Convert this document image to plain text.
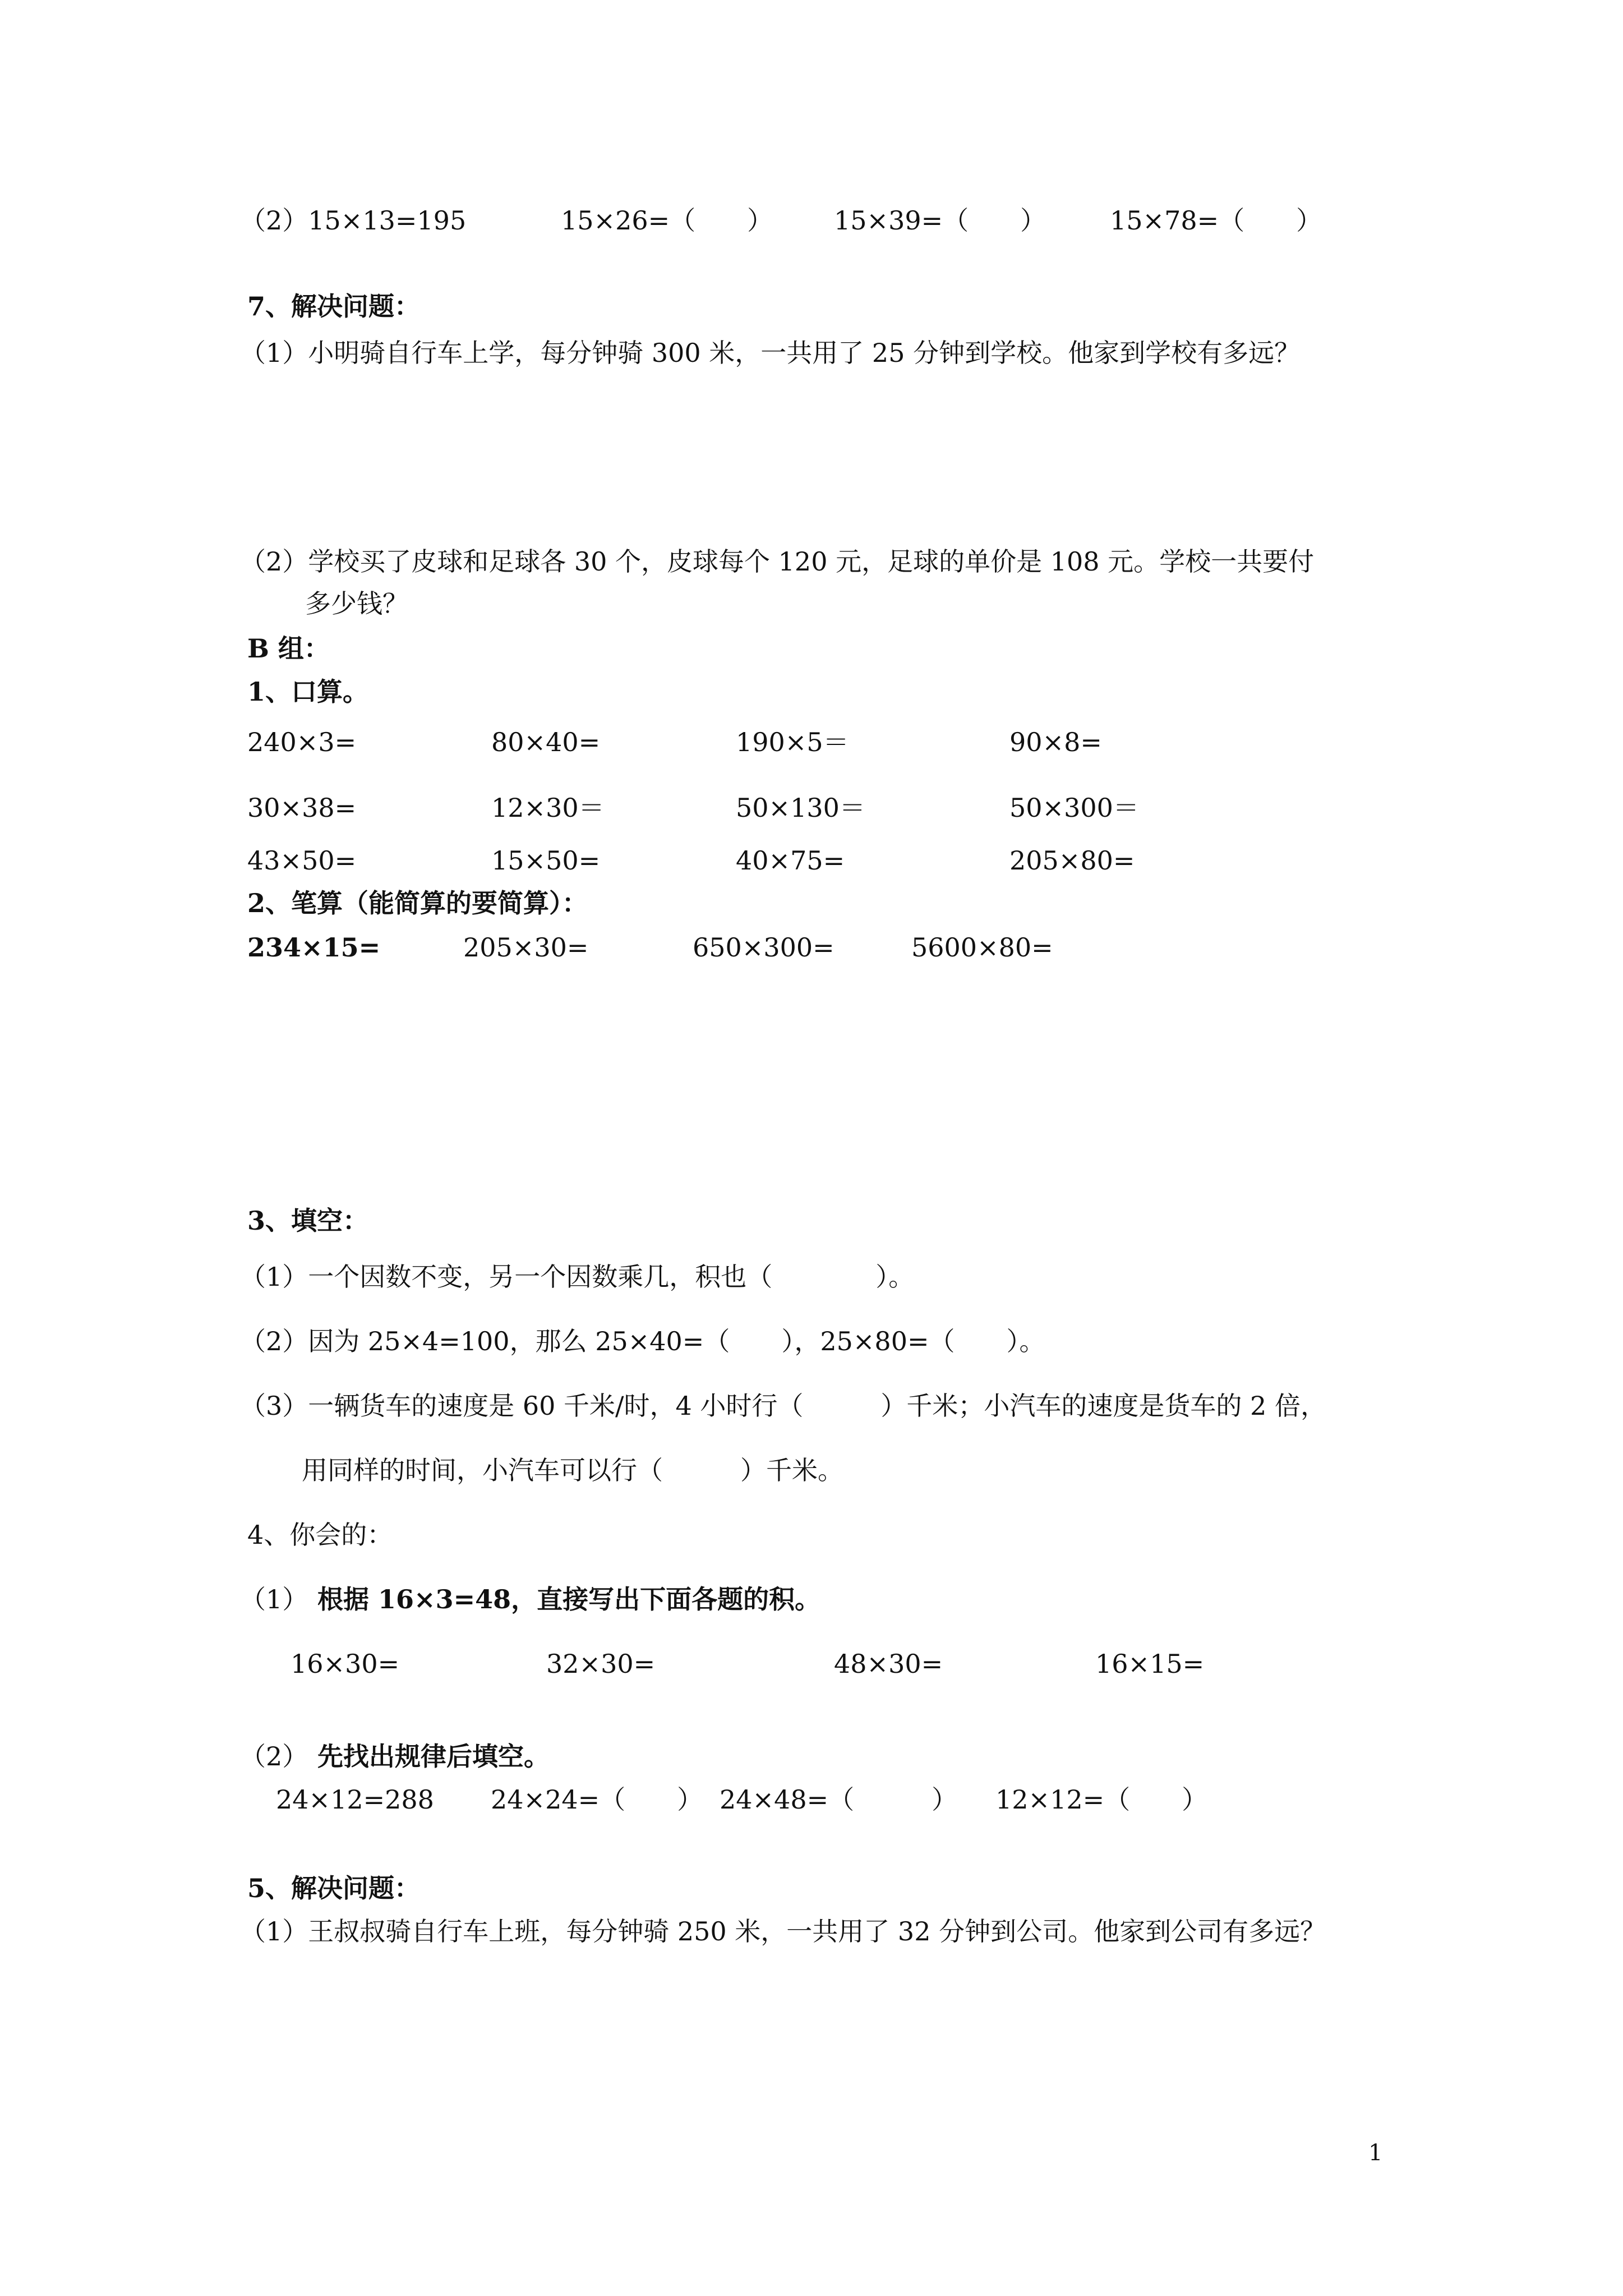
（2）15×13=195	15×26=（　　） 15×39=（　　） 15×78=（　　）
7、解决问题：
（1）小明骑自行车上学，每分钟骑 300 米，一共用了 25 分钟到学校。他家到学校有多远？
（2）学校买了皮球和足球各 30 个，皮球每个 120 元，足球的单价是 108 元。学校一共要付
多少钱？
B 组：
1、口算。
240×3=	80×40=	190×5＝	90×8=
30×38=	12×30＝	50×130＝	50×300＝
43×50=	15×50=	40×75=	205×80=
2、笔算（能简算的要简算）：
234×15=	205×30=	650×300=	5600×80=
3、填空：
（1）一个因数不变，另一个因数乘几，积也（　　　　）。
（2）因为 25×4=100，那么 25×40=（　　），25×80=（　　）。
（3）一辆货车的速度是 60 千米/时，4 小时行（　　　）千米；小汽车的速度是货车的 2 倍，
用同样的时间，小汽车可以行（　　　）千米。
4、你会的：
（1） 根据 16×3=48，直接写出下面各题的积。
16×30=	32×30=	48×30=	16×15=
（2） 先找出规律后填空。
24×12=288 24×24=（　　） 24×48=（　　　） 12×12=（　　）
5、解决问题：
（1）王叔叔骑自行车上班，每分钟骑 250 米，一共用了 32 分钟到公司。他家到公司有多远？
1
